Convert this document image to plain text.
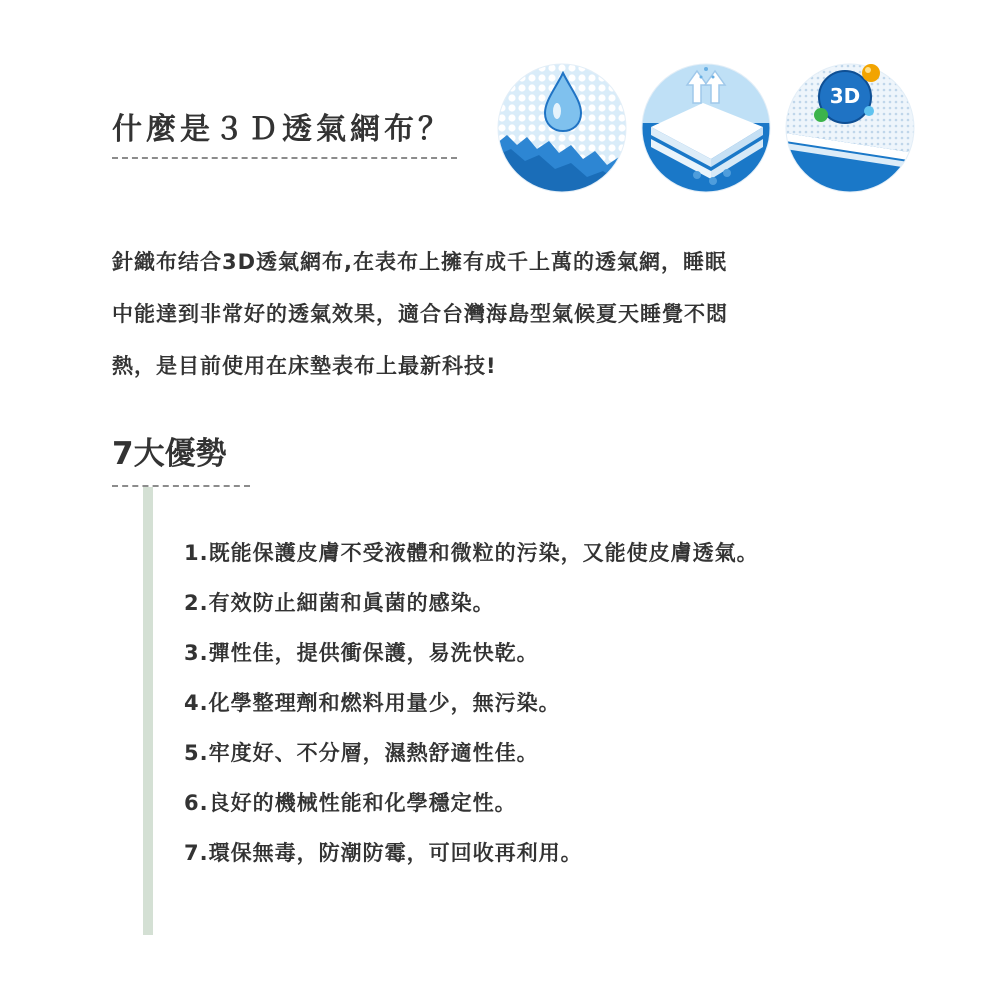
什麼是３Ｄ透氣網布？
3D
針織布结合3D透氣網布,在表布上擁有成千上萬的透氣網，睡眠
中能達到非常好的透氣效果，適合台灣海島型氣候夏天睡覺不悶
熱，是目前使用在床墊表布上最新科技!
7大優勢
1.既能保護皮膚不受液體和微粒的污染，又能使皮膚透氣。
2.有效防止細菌和眞菌的感染。
3.彈性佳，提供衝保護，易洗快乾。
4.化學整理劑和燃料用量少，無污染。
5.牢度好、不分層，濕熱舒適性佳。
6.良好的機械性能和化學穩定性。
7.環保無毒，防潮防霉，可回收再利用。
